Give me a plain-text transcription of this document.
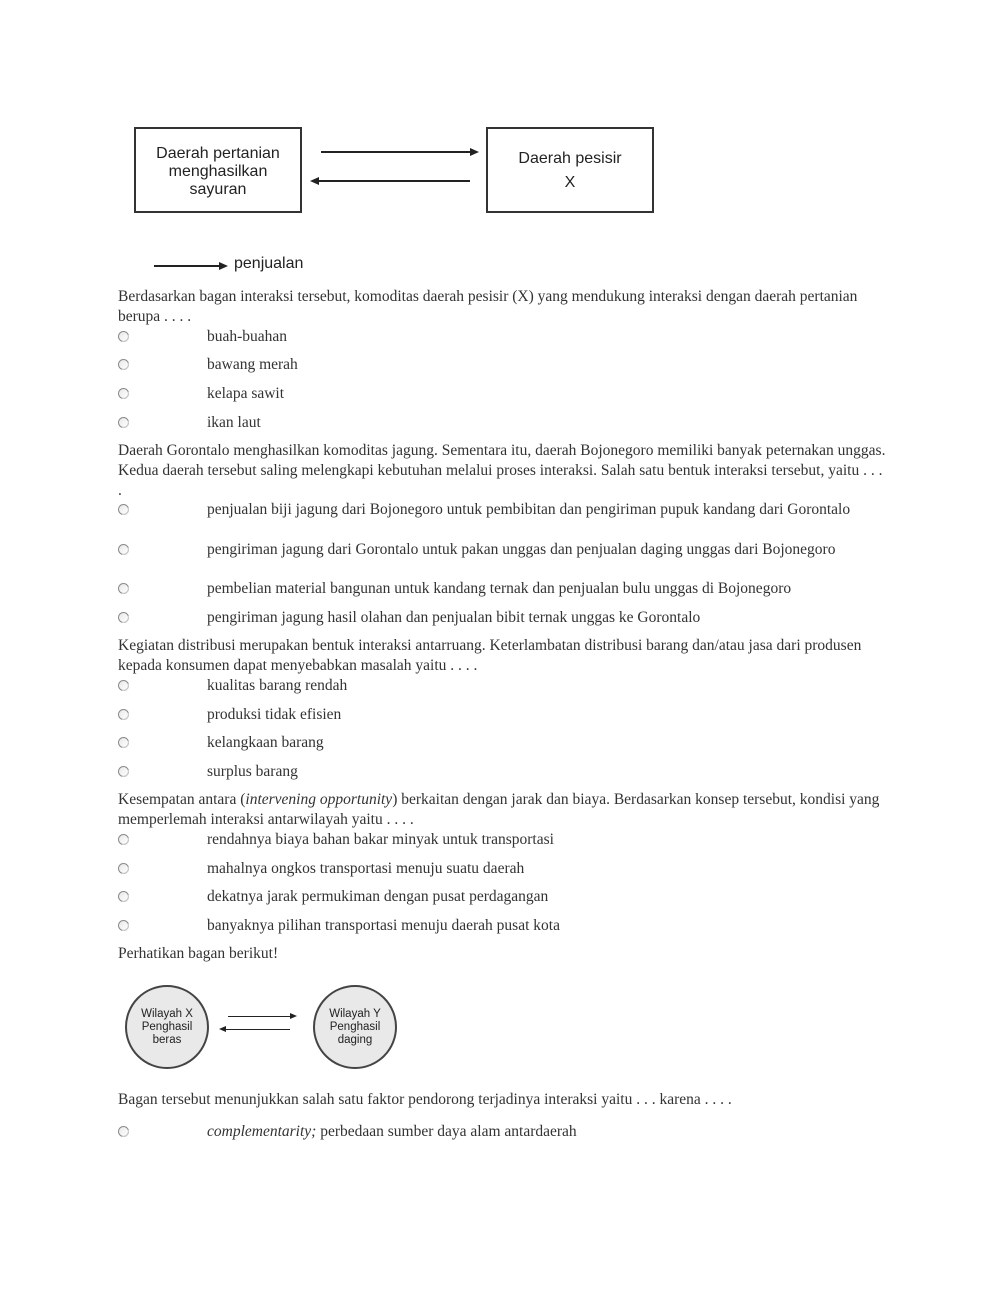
Daerah pertanian
menghasilkan
sayuran
Daerah pesisir
X
penjualan
Berdasarkan bagan interaksi tersebut, komoditas daerah pesisir (X) yang mendukung interaksi dengan daerah pertanian berupa . . . .
buah-buahan
bawang merah
kelapa sawit
ikan laut
Daerah Gorontalo menghasilkan komoditas jagung. Sementara itu, daerah Bojonegoro memiliki banyak peternakan unggas. Kedua daerah tersebut saling melengkapi kebutuhan melalui proses interaksi. Salah satu bentuk interaksi tersebut, yaitu . . . .
penjualan biji jagung dari Bojonegoro untuk pembibitan dan pengiriman pupuk kandang dari Gorontalo
pengiriman jagung dari Gorontalo untuk pakan unggas dan penjualan daging unggas dari Bojonegoro
pembelian material bangunan untuk kandang ternak dan penjualan bulu unggas di Bojonegoro
pengiriman jagung hasil olahan dan penjualan bibit ternak unggas ke Gorontalo
Kegiatan distribusi merupakan bentuk interaksi antarruang. Keterlambatan distribusi barang dan/atau jasa dari produsen kepada konsumen dapat menyebabkan masalah yaitu . . . .
kualitas barang rendah
produksi tidak efisien
kelangkaan barang
surplus barang
Kesempatan antara (intervening opportunity) berkaitan dengan jarak dan biaya. Berdasarkan konsep tersebut, kondisi yang memperlemah interaksi antarwilayah yaitu . . . .
rendahnya biaya bahan bakar minyak untuk transportasi
mahalnya ongkos transportasi menuju suatu daerah
dekatnya jarak permukiman dengan pusat perdagangan
banyaknya pilihan transportasi menuju daerah pusat kota
Perhatikan bagan berikut!
Wilayah X
Penghasil
beras
Wilayah Y
Penghasil
daging
Bagan tersebut menunjukkan salah satu faktor pendorong terjadinya interaksi yaitu . . . karena . . . .
complementarity; perbedaan sumber daya alam antardaerah
